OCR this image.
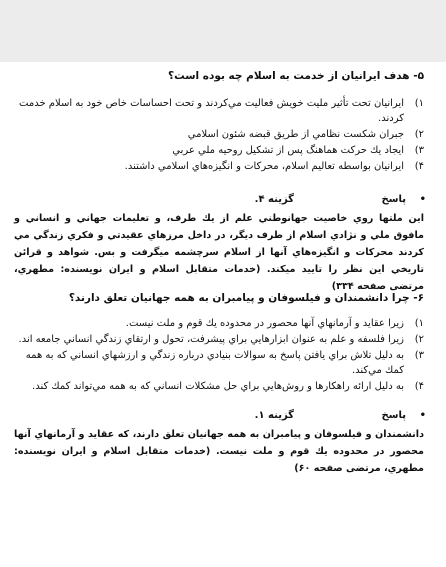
۵- هدف ايرانيان از خدمت به اسلام چه بوده است؟
۱)
ايرانيان تحت تأثير مليت خويش فعاليت مي‌كردند و تحت احساسات خاص خود به اسلام خدمت كردند.
۲)
جبران شكست نظامي از طريق قبضه شئون اسلامي
۳)
ايجاد يك حركت هماهنگ پس از تشكيل روحيه ملي عربي
۴)
ايرانيان بواسطه تعاليم اسلام، محركات و انگيزه‌هاي اسلامي داشتند.
•
پاسخ
گزينه ۴.
اين ملتها روي خاصيت جهانوطني علم از يك طرف، و تعليمات جهاني و انساني و مافوق ملي و نژادي اسلام از طرف ديگر، در داخل مرزهاي عقيدتي و فكري زندگي مي كردند محركات و انگيزه‌هاي آنها از اسلام سرچشمه ميگرفت و بس. شواهد و قرائن تاريخي اين نظر را تاييد ميكند. (خدمات متقابل اسلام و ايران نويسنده: مطهري، مرتضى صفحه ۳۳۴)
۶- چرا دانشمندان و فيلسوفان و پيامبران به همه جهانيان تعلق دارند؟
۱)
زيرا عقايد و آرمانهاي آنها محصور در محدوده يك قوم و ملت نيست.
۲)
زيرا فلسفه و علم به عنوان ابزارهايي براي پيشرفت، تحول و ارتقاي زندگي انساني جامعه اند.
۳)
به دليل تلاش براي يافتن پاسخ به سوالات بنيادي درباره زندگي و ارزشهاي انساني كه به همه كمك مي‌كند.
۴)
به دليل ارائه راهكارها و روش‌هايي براي حل مشكلات انساني كه به همه مي‌تواند كمك كند.
•
پاسخ
گزينه ۱.
دانشمندان و فيلسوفان و پيامبران به همه جهانيان تعلق دارند، كه عقايد و آرمانهاي آنها محصور در محدوده يك قوم و ملت نيست. (خدمات متقابل اسلام و ايران نويسنده: مطهري، مرتضى صفحه ۶۰)
